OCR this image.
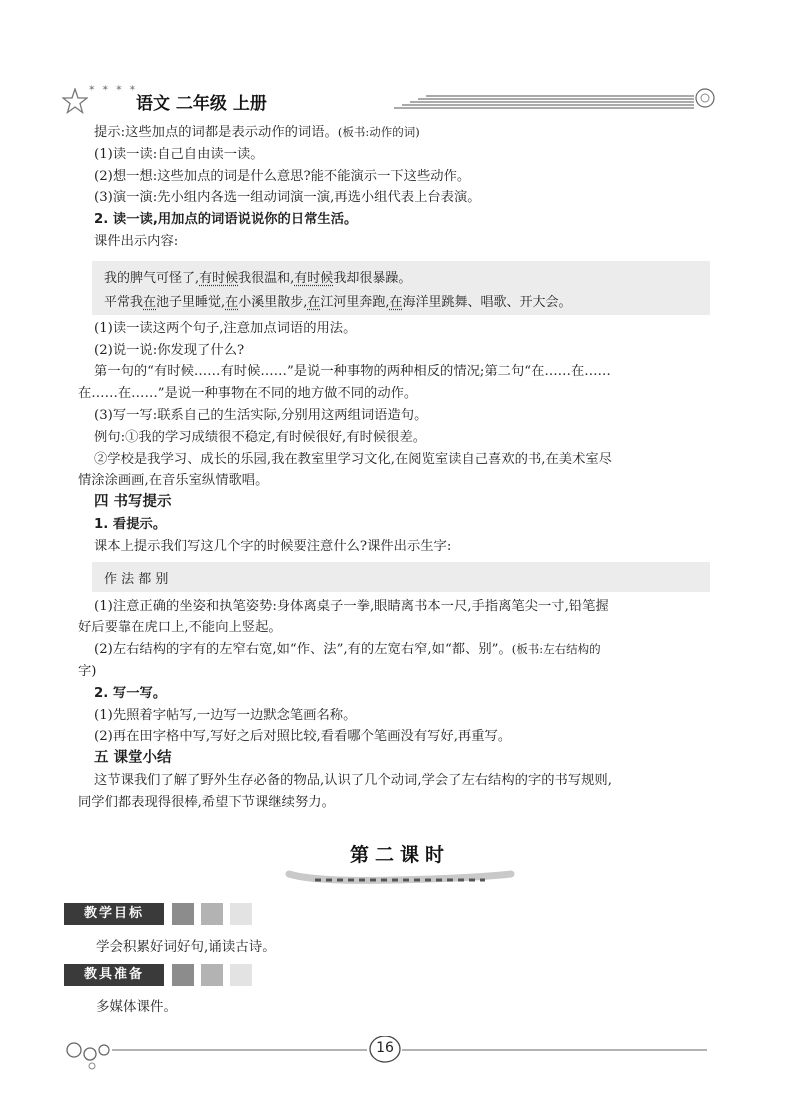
✶✶✶✶
语文 二年级 上册
我的脾气可怪了,有时候我很温和,有时候我却很暴躁。
平常我在池子里睡觉,在小溪里散步,在江河里奔跑,在海洋里跳舞、唱歌、开大会。
作 法 都 别
提示:这些加点的词都是表示动作的词语。(板书:动作的词)
(1)读一读:自己自由读一读。
(2)想一想:这些加点的词是什么意思?能不能演示一下这些动作。
(3)演一演:先小组内各选一组动词演一演,再选小组代表上台表演。
2. 读一读,用加点的词语说说你的日常生活。
课件出示内容:
(1)读一读这两个句子,注意加点词语的用法。
(2)说一说:你发现了什么?
第一句的“有时候……有时候……”是说一种事物的两种相反的情况;第二句“在……在……
在……在……”是说一种事物在不同的地方做不同的动作。
(3)写一写:联系自己的生活实际,分别用这两组词语造句。
例句:①我的学习成绩很不稳定,有时候很好,有时候很差。
②学校是我学习、成长的乐园,我在教室里学习文化,在阅览室读自己喜欢的书,在美术室尽
情涂涂画画,在音乐室纵情歌唱。
四 书写提示
1. 看提示。
课本上提示我们写这几个字的时候要注意什么?课件出示生字:
(1)注意正确的坐姿和执笔姿势:身体离桌子一拳,眼睛离书本一尺,手指离笔尖一寸,铅笔握
好后要靠在虎口上,不能向上竖起。
(2)左右结构的字有的左窄右宽,如“作、法”,有的左宽右窄,如“都、别”。(板书:左右结构的
字)
2. 写一写。
(1)先照着字帖写,一边写一边默念笔画名称。
(2)再在田字格中写,写好之后对照比较,看看哪个笔画没有写好,再重写。
五 课堂小结
这节课我们了解了野外生存必备的物品,认识了几个动词,学会了左右结构的字的书写规则,
同学们都表现得很棒,希望下节课继续努力。
第二课时
教学目标
学会积累好词好句,诵读古诗。
教具准备
多媒体课件。
16
